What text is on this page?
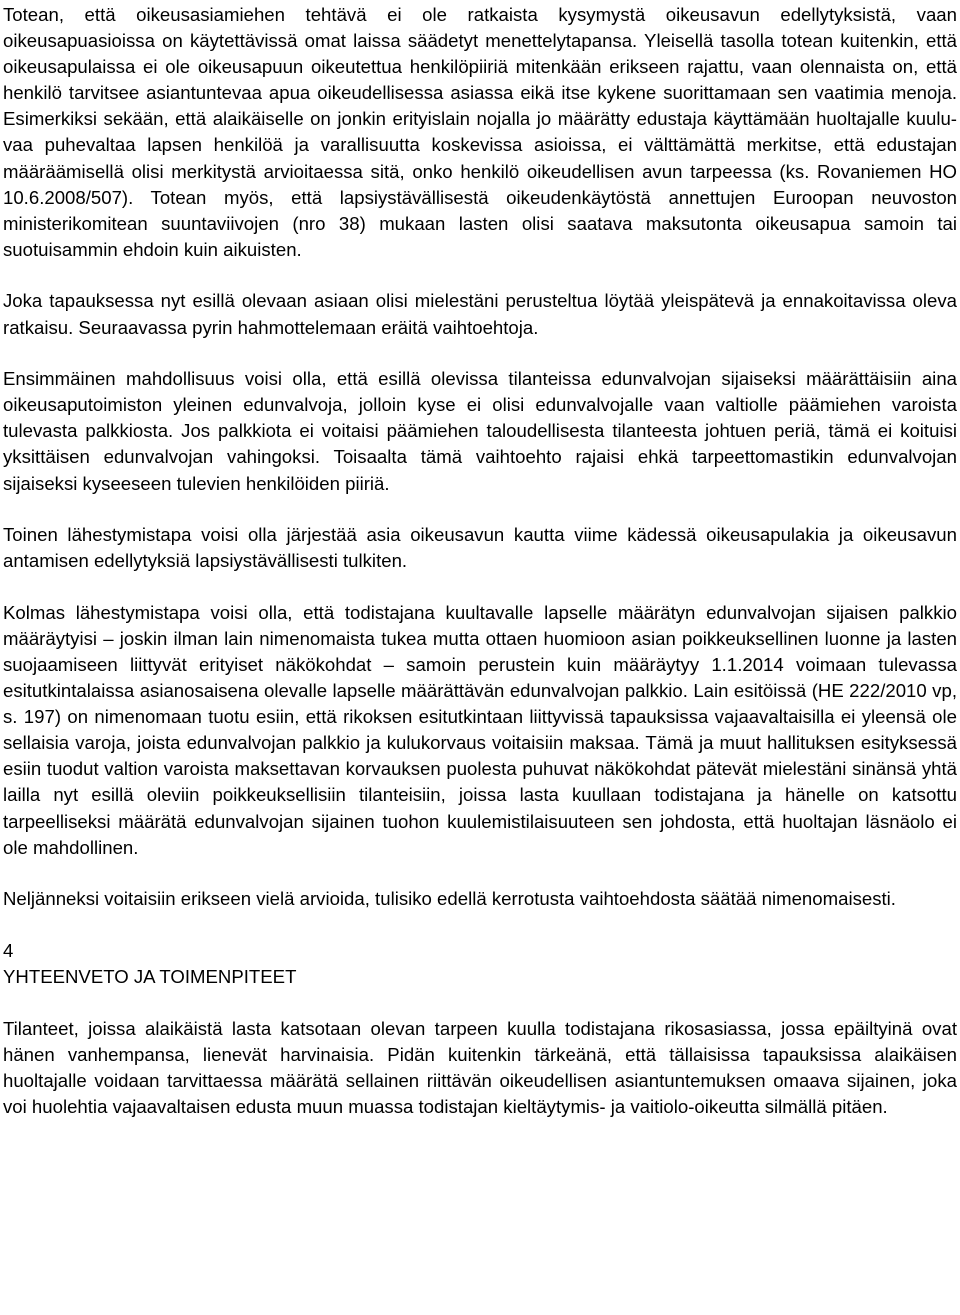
Totean, että oikeusasiamiehen tehtävä ei ole ratkaista kysymystä oikeusavun edellytyksistä, vaan oikeusapuasioissa on käytettävissä omat laissa säädetyt menettelytapansa. Yleisellä tasolla totean kuitenkin, että oikeusapulaissa ei ole oikeusapuun oikeutettua henkilöpiiriä mitenkään erikseen rajattu, vaan olennaista on, että henkilö tarvitsee asiantuntevaa apua oikeudellisessa asiassa eikä itse kykene suorittamaan sen vaatimia menoja. Esimerkiksi sekään, että alaikäiselle on jonkin erityislain nojalla jo määrätty edustaja käyttämään huoltajalle kuuluvaa puhevaltaa lapsen henkilöä ja varallisuutta koskevissa asioissa, ei välttämättä merkitse, että edustajan määräämisellä olisi merkitystä arvioitaessa sitä, onko henkilö oikeudellisen avun tarpeessa (ks. Rovaniemen HO 10.6.2008/507). Totean myös, että lapsiystävällisestä oikeudenkäytöstä annettujen Euroopan neuvoston ministerikomitean suuntaviivojen (nro 38) mukaan lasten olisi saatava maksutonta oikeusapua samoin tai suotuisammin ehdoin kuin aikuisten.

Joka tapauksessa nyt esillä olevaan asiaan olisi mielestäni perusteltua löytää yleispätevä ja ennakoitavissa oleva ratkaisu. Seuraavassa pyrin hahmottelemaan eräitä vaihtoehtoja.

Ensimmäinen mahdollisuus voisi olla, että esillä olevissa tilanteissa edunvalvojan sijaiseksi määrättäisiin aina oikeusaputoimiston yleinen edunvalvoja, jolloin kyse ei olisi edunvalvojalle vaan valtiolle päämiehen varoista tulevasta palkkiosta. Jos palkkiota ei voitaisi päämiehen taloudellisesta tilanteesta johtuen periä, tämä ei koituisi yksittäisen edunvalvojan vahingoksi. Toisaalta tämä vaihtoehto rajaisi ehkä tarpeettomastikin edunvalvojan sijaiseksi kyseeseen tulevien henkilöiden piiriä.

Toinen lähestymistapa voisi olla järjestää asia oikeusavun kautta viime kädessä oikeusapulakia ja oikeusavun antamisen edellytyksiä lapsiystävällisesti tulkiten.

Kolmas lähestymistapa voisi olla, että todistajana kuultavalle lapselle määrätyn edunvalvojan sijaisen palkkio määräytyisi – joskin ilman lain nimenomaista tukea mutta ottaen huomioon asian poikkeuksellinen luonne ja lasten suojaamiseen liittyvät erityiset näkökohdat – samoin perustein kuin määräytyy 1.1.2014 voimaan tulevassa esitutkintalaissa asianosaisena olevalle lapselle määrättävän edunvalvojan palkkio. Lain esitöissä (HE 222/2010 vp, s. 197) on nimenomaan tuotu esiin, että rikoksen esitutkintaan liittyvissä tapauksissa vajaavaltaisilla ei yleensä ole sellaisia varoja, joista edunvalvojan palkkio ja kulukorvaus voitaisiin maksaa. Tämä ja muut hallituksen esityksessä esiin tuodut valtion varoista maksettavan korvauksen puolesta puhuvat näkökohdat pätevät mielestäni sinänsä yhtä lailla nyt esillä oleviin poikkeuksellisiin tilanteisiin, joissa lasta kuullaan todistajana ja hänelle on katsottu tarpeelliseksi määrätä edunvalvojan sijainen tuohon kuulemistilaisuuteen sen johdosta, että huoltajan läsnäolo ei ole mahdollinen.

Neljänneksi voitaisiin erikseen vielä arvioida, tulisiko edellä kerrotusta vaihtoehdosta säätää nimenomaisesti.

4
YHTEENVETO JA TOIMENPITEET

Tilanteet, joissa alaikäistä lasta katsotaan olevan tarpeen kuulla todistajana rikosasiassa, jossa epäiltyinä ovat hänen vanhempansa, lienevät harvinaisia. Pidän kuitenkin tärkeänä, että tällaisissa tapauksissa alaikäisen huoltajalle voidaan tarvittaessa määrätä sellainen riittävän oikeudellisen asiantuntemuksen omaava sijainen, joka voi huolehtia vajaavaltaisen edusta muun muassa todistajan kieltäytymis- ja vaitiolo-oikeutta silmällä pitäen.
